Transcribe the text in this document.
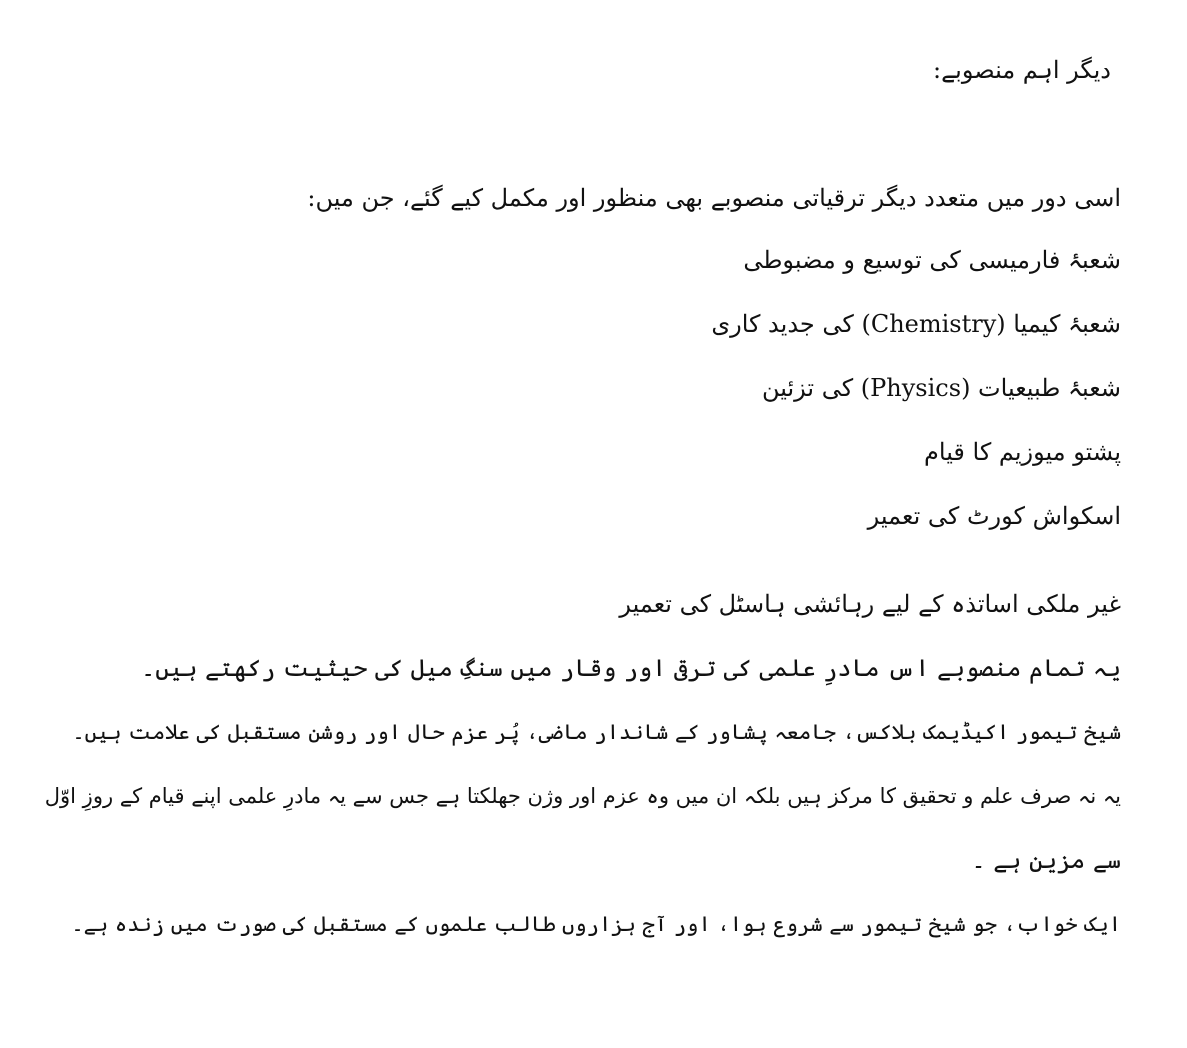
دیگر اہم منصوبے:
اسی دور میں متعدد دیگر ترقیاتی منصوبے بھی منظور اور مکمل کیے گئے، جن میں:
شعبۂ فارمیسی کی توسیع و مضبوطی
شعبۂ کیمیا (Chemistry) کی جدید کاری
شعبۂ طبیعیات (Physics) کی تزئین
پشتو میوزیم کا قیام
اسکواش کورٹ کی تعمیر
غیر ملکی اساتذہ کے لیے رہائشی ہاسٹل کی تعمیر
یہ تمام منصوبے اس مادرِ علمی کی ترقی اور وقار میں سنگِ میل کی حیثیت رکھتے ہیں۔
شیخ تیمور اکیڈیمک بلاکس، جامعہ پشاور کے شاندار ماضی، پُر عزم حال اور روشن مستقبل کی علامت ہیں۔
یہ نہ صرف علم و تحقیق کا مرکز ہیں بلکہ ان میں وہ عزم اور وژن جھلکتا ہے جس سے یہ مادرِ علمی اپنے قیام کے روزِ اوّل
سے مزین ہے ۔
ایک خواب، جو شیخ تیمور سے شروع ہوا، اور آج ہزاروں طالب علموں کے مستقبل کی صورت میں زندہ ہے۔
